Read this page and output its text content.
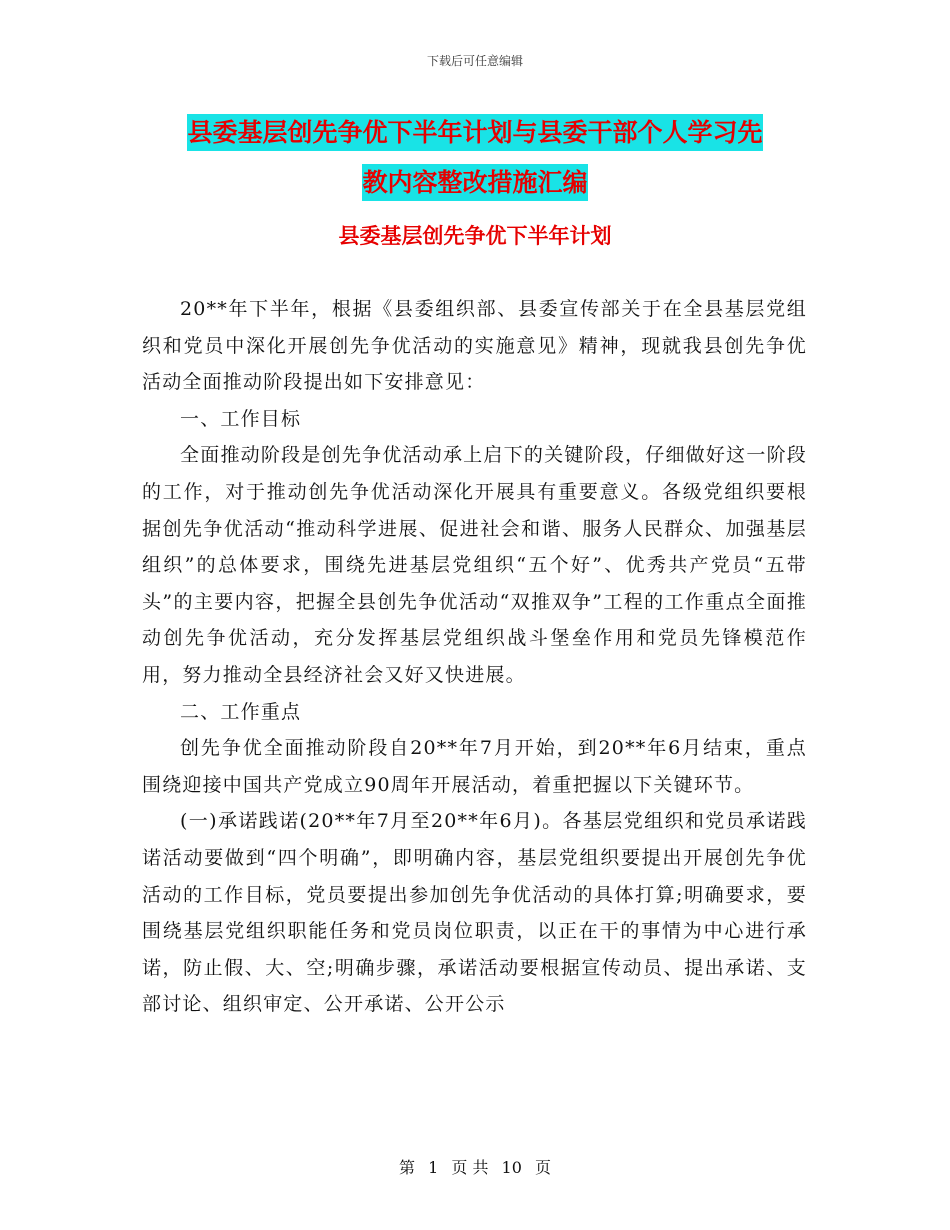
下载后可任意编辑
县委基层创先争优下半年计划与县委干部个人学习先
教内容整改措施汇编
县委基层创先争优下半年计划

20**年下半年，根据《县委组织部、县委宣传部关于在全县基层党组织和党员中深化开展创先争优活动的实施意见》精神，现就我县创先争优活动全面推动阶段提出如下安排意见：

一、工作目标

全面推动阶段是创先争优活动承上启下的关键阶段，仔细做好这一阶段的工作，对于推动创先争优活动深化开展具有重要意义。各级党组织要根据创先争优活动“推动科学进展、促进社会和谐、服务人民群众、加强基层组织”的总体要求，围绕先进基层党组织“五个好”、优秀共产党员“五带头”的主要内容，把握全县创先争优活动“双推双争”工程的工作重点全面推动创先争优活动，充分发挥基层党组织战斗堡垒作用和党员先锋模范作用，努力推动全县经济社会又好又快进展。

二、工作重点

创先争优全面推动阶段自20**年7月开始，到20**年6月结束，重点围绕迎接中国共产党成立90周年开展活动，着重把握以下关键环节。

(一)承诺践诺(20**年7月至20**年6月)。各基层党组织和党员承诺践诺活动要做到“四个明确”，即明确内容，基层党组织要提出开展创先争优活动的工作目标，党员要提出参加创先争优活动的具体打算;明确要求，要围绕基层党组织职能任务和党员岗位职责，以正在干的事情为中心进行承诺，防止假、大、空;明确步骤，承诺活动要根据宣传动员、提出承诺、支部讨论、组织审定、公开承诺、公开公示

第 1 页 共 10 页
